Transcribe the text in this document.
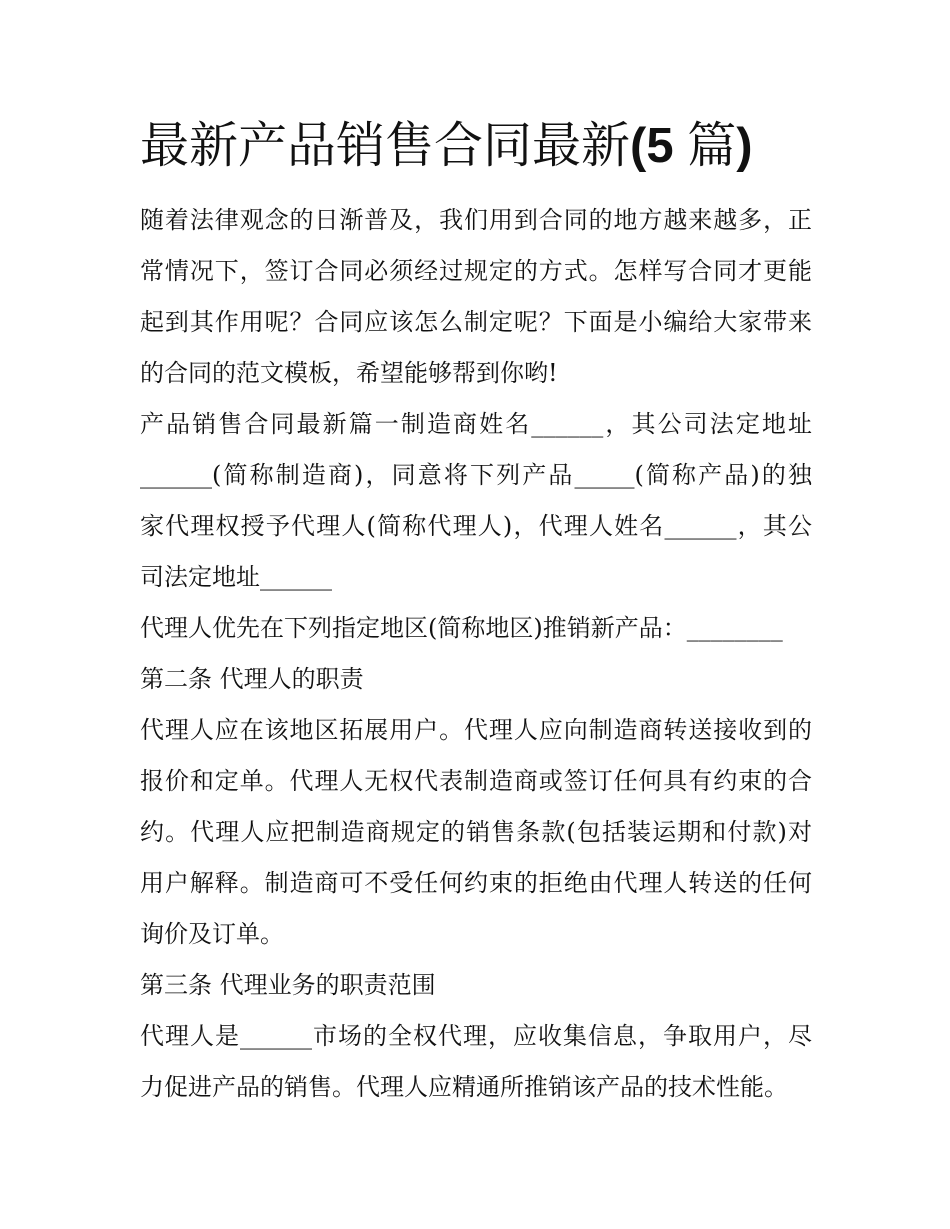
最新产品销售合同最新(5 篇)

随着法律观念的日渐普及，我们用到合同的地方越来越多，正
常情况下，签订合同必须经过规定的方式。怎样写合同才更能
起到其作用呢？合同应该怎么制定呢？下面是小编给大家带来
的合同的范文模板，希望能够帮到你哟!

产品销售合同最新篇一制造商姓名______，其公司法定地址
______(简称制造商)，同意将下列产品_____(简称产品)的独
家代理权授予代理人(简称代理人)，代理人姓名______，其公
司法定地址______

代理人优先在下列指定地区(简称地区)推销新产品：________

第二条 代理人的职责

代理人应在该地区拓展用户。代理人应向制造商转送接收到的
报价和定单。代理人无权代表制造商或签订任何具有约束的合
约。代理人应把制造商规定的销售条款(包括装运期和付款)对
用户解释。制造商可不受任何约束的拒绝由代理人转送的任何
询价及订单。

第三条 代理业务的职责范围

代理人是______市场的全权代理，应收集信息，争取用户，尽
力促进产品的销售。代理人应精通所推销该产品的技术性能。
